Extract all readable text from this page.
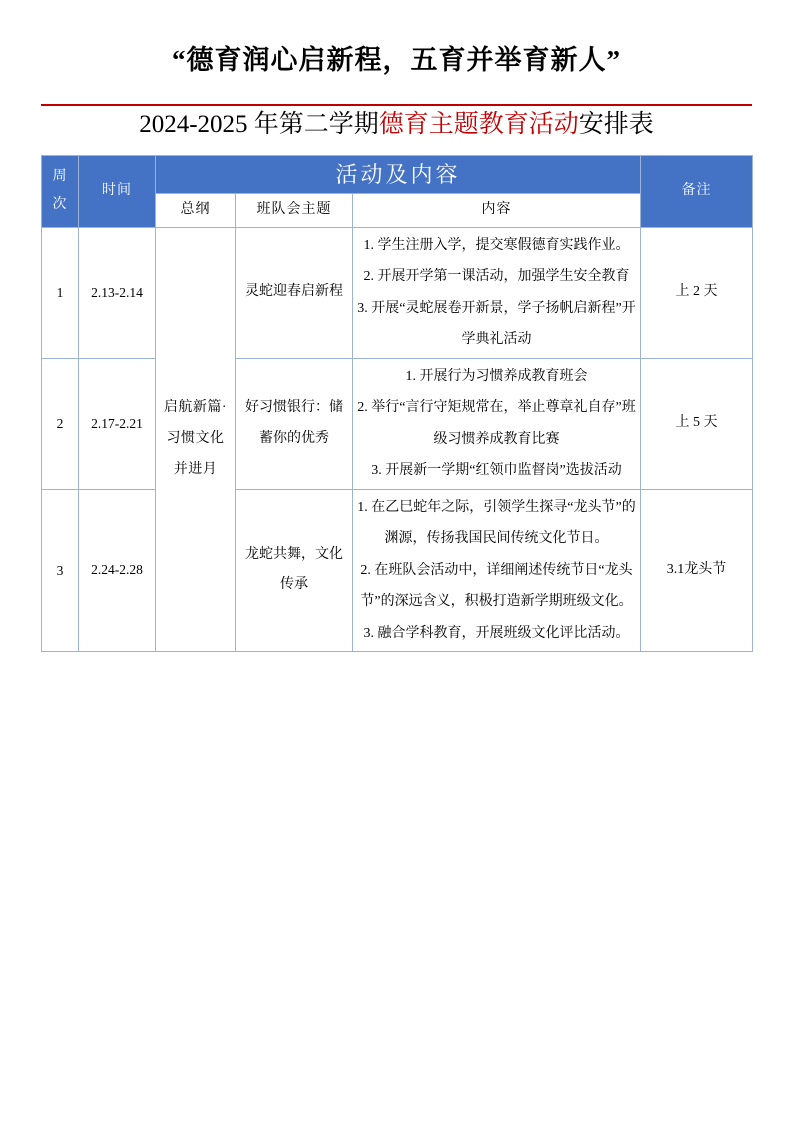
“德育润心启新程，五育并举育新人”
2024-2025 年第二学期德育主题教育活动安排表
周次	时间	活动及内容			备注
		总纲	班队会主题	内容	
1	2.13-2.14	启航新篇·习惯文化并进月	灵蛇迎春启新程	1. 学生注册入学，提交寒假德育实践作业。
2. 开展开学第一课活动，加强学生安全教育
3. 开展“灵蛇展卷开新景，学子扬帆启新程”开学典礼活动	上 2 天
2	2.17-2.21		好习惯银行：储蓄你的优秀	1. 开展行为习惯养成教育班会
2. 举行“言行守矩规常在，举止尊章礼自存”班级习惯养成教育比赛
3. 开展新一学期“红领巾监督岗”选拔活动	上 5 天
3	2.24-2.28		龙蛇共舞，文化传承	1. 在乙巳蛇年之际，引领学生探寻“龙头节”的渊源，传扬我国民间传统文化节日。
2. 在班队会活动中，详细阐述传统节日“龙头节”的深远含义，积极打造新学期班级文化。
3. 融合学科教育，开展班级文化评比活动。	3.1龙头节
